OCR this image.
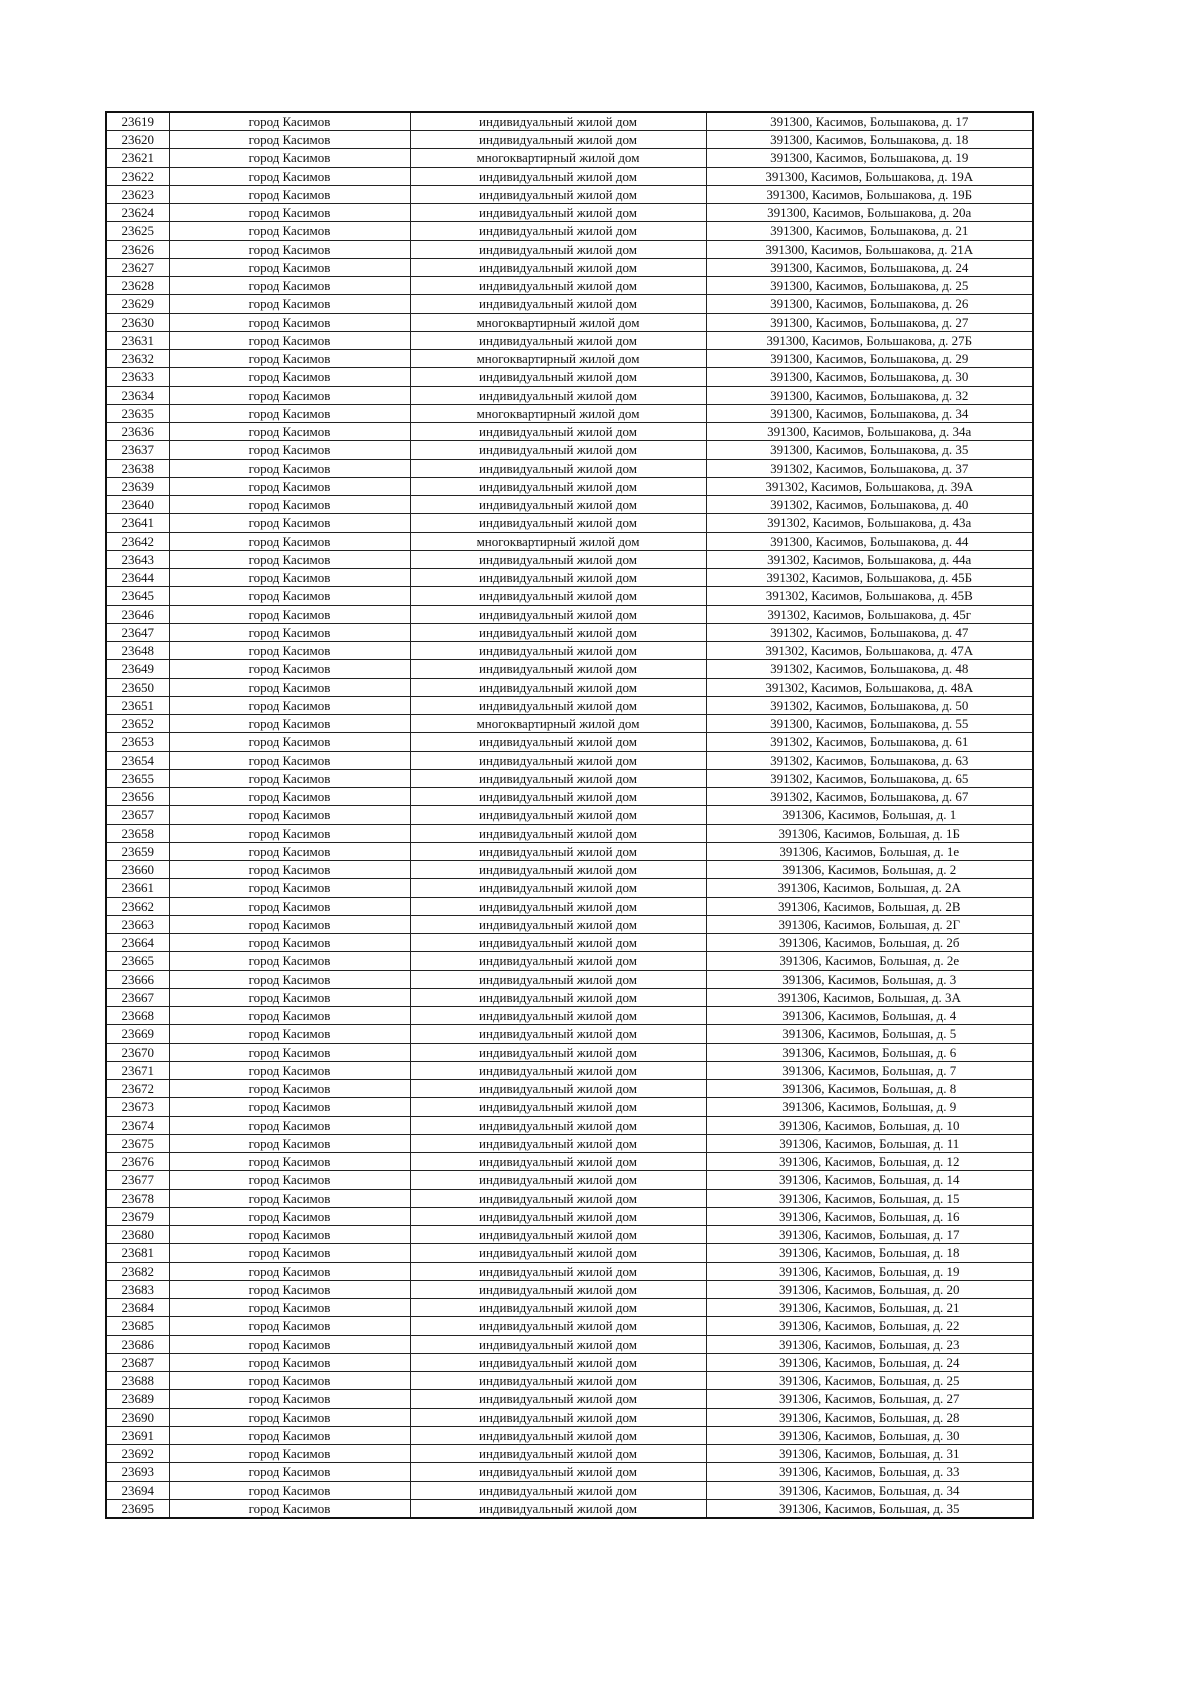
23619	город Касимов	индивидуальный жилой дом	391300, Касимов, Большакова, д. 17
23620	город Касимов	индивидуальный жилой дом	391300, Касимов, Большакова, д. 18
23621	город Касимов	многоквартирный жилой дом	391300, Касимов, Большакова, д. 19
23622	город Касимов	индивидуальный жилой дом	391300, Касимов, Большакова, д. 19А
23623	город Касимов	индивидуальный жилой дом	391300, Касимов, Большакова, д. 19Б
23624	город Касимов	индивидуальный жилой дом	391300, Касимов, Большакова, д. 20а
23625	город Касимов	индивидуальный жилой дом	391300, Касимов, Большакова, д. 21
23626	город Касимов	индивидуальный жилой дом	391300, Касимов, Большакова, д. 21А
23627	город Касимов	индивидуальный жилой дом	391300, Касимов, Большакова, д. 24
23628	город Касимов	индивидуальный жилой дом	391300, Касимов, Большакова, д. 25
23629	город Касимов	индивидуальный жилой дом	391300, Касимов, Большакова, д. 26
23630	город Касимов	многоквартирный жилой дом	391300, Касимов, Большакова, д. 27
23631	город Касимов	индивидуальный жилой дом	391300, Касимов, Большакова, д. 27Б
23632	город Касимов	многоквартирный жилой дом	391300, Касимов, Большакова, д. 29
23633	город Касимов	индивидуальный жилой дом	391300, Касимов, Большакова, д. 30
23634	город Касимов	индивидуальный жилой дом	391300, Касимов, Большакова, д. 32
23635	город Касимов	многоквартирный жилой дом	391300, Касимов, Большакова, д. 34
23636	город Касимов	индивидуальный жилой дом	391300, Касимов, Большакова, д. 34а
23637	город Касимов	индивидуальный жилой дом	391300, Касимов, Большакова, д. 35
23638	город Касимов	индивидуальный жилой дом	391302, Касимов, Большакова, д. 37
23639	город Касимов	индивидуальный жилой дом	391302, Касимов, Большакова, д. 39А
23640	город Касимов	индивидуальный жилой дом	391302, Касимов, Большакова, д. 40
23641	город Касимов	индивидуальный жилой дом	391302, Касимов, Большакова, д. 43а
23642	город Касимов	многоквартирный жилой дом	391300, Касимов, Большакова, д. 44
23643	город Касимов	индивидуальный жилой дом	391302, Касимов, Большакова, д. 44а
23644	город Касимов	индивидуальный жилой дом	391302, Касимов, Большакова, д. 45Б
23645	город Касимов	индивидуальный жилой дом	391302, Касимов, Большакова, д. 45В
23646	город Касимов	индивидуальный жилой дом	391302, Касимов, Большакова, д. 45г
23647	город Касимов	индивидуальный жилой дом	391302, Касимов, Большакова, д. 47
23648	город Касимов	индивидуальный жилой дом	391302, Касимов, Большакова, д. 47А
23649	город Касимов	индивидуальный жилой дом	391302, Касимов, Большакова, д. 48
23650	город Касимов	индивидуальный жилой дом	391302, Касимов, Большакова, д. 48А
23651	город Касимов	индивидуальный жилой дом	391302, Касимов, Большакова, д. 50
23652	город Касимов	многоквартирный жилой дом	391300, Касимов, Большакова, д. 55
23653	город Касимов	индивидуальный жилой дом	391302, Касимов, Большакова, д. 61
23654	город Касимов	индивидуальный жилой дом	391302, Касимов, Большакова, д. 63
23655	город Касимов	индивидуальный жилой дом	391302, Касимов, Большакова, д. 65
23656	город Касимов	индивидуальный жилой дом	391302, Касимов, Большакова, д. 67
23657	город Касимов	индивидуальный жилой дом	391306, Касимов, Большая, д. 1
23658	город Касимов	индивидуальный жилой дом	391306, Касимов, Большая, д. 1Б
23659	город Касимов	индивидуальный жилой дом	391306, Касимов, Большая, д. 1е
23660	город Касимов	индивидуальный жилой дом	391306, Касимов, Большая, д. 2
23661	город Касимов	индивидуальный жилой дом	391306, Касимов, Большая, д. 2А
23662	город Касимов	индивидуальный жилой дом	391306, Касимов, Большая, д. 2В
23663	город Касимов	индивидуальный жилой дом	391306, Касимов, Большая, д. 2Г
23664	город Касимов	индивидуальный жилой дом	391306, Касимов, Большая, д. 2б
23665	город Касимов	индивидуальный жилой дом	391306, Касимов, Большая, д. 2е
23666	город Касимов	индивидуальный жилой дом	391306, Касимов, Большая, д. 3
23667	город Касимов	индивидуальный жилой дом	391306, Касимов, Большая, д. 3А
23668	город Касимов	индивидуальный жилой дом	391306, Касимов, Большая, д. 4
23669	город Касимов	индивидуальный жилой дом	391306, Касимов, Большая, д. 5
23670	город Касимов	индивидуальный жилой дом	391306, Касимов, Большая, д. 6
23671	город Касимов	индивидуальный жилой дом	391306, Касимов, Большая, д. 7
23672	город Касимов	индивидуальный жилой дом	391306, Касимов, Большая, д. 8
23673	город Касимов	индивидуальный жилой дом	391306, Касимов, Большая, д. 9
23674	город Касимов	индивидуальный жилой дом	391306, Касимов, Большая, д. 10
23675	город Касимов	индивидуальный жилой дом	391306, Касимов, Большая, д. 11
23676	город Касимов	индивидуальный жилой дом	391306, Касимов, Большая, д. 12
23677	город Касимов	индивидуальный жилой дом	391306, Касимов, Большая, д. 14
23678	город Касимов	индивидуальный жилой дом	391306, Касимов, Большая, д. 15
23679	город Касимов	индивидуальный жилой дом	391306, Касимов, Большая, д. 16
23680	город Касимов	индивидуальный жилой дом	391306, Касимов, Большая, д. 17
23681	город Касимов	индивидуальный жилой дом	391306, Касимов, Большая, д. 18
23682	город Касимов	индивидуальный жилой дом	391306, Касимов, Большая, д. 19
23683	город Касимов	индивидуальный жилой дом	391306, Касимов, Большая, д. 20
23684	город Касимов	индивидуальный жилой дом	391306, Касимов, Большая, д. 21
23685	город Касимов	индивидуальный жилой дом	391306, Касимов, Большая, д. 22
23686	город Касимов	индивидуальный жилой дом	391306, Касимов, Большая, д. 23
23687	город Касимов	индивидуальный жилой дом	391306, Касимов, Большая, д. 24
23688	город Касимов	индивидуальный жилой дом	391306, Касимов, Большая, д. 25
23689	город Касимов	индивидуальный жилой дом	391306, Касимов, Большая, д. 27
23690	город Касимов	индивидуальный жилой дом	391306, Касимов, Большая, д. 28
23691	город Касимов	индивидуальный жилой дом	391306, Касимов, Большая, д. 30
23692	город Касимов	индивидуальный жилой дом	391306, Касимов, Большая, д. 31
23693	город Касимов	индивидуальный жилой дом	391306, Касимов, Большая, д. 33
23694	город Касимов	индивидуальный жилой дом	391306, Касимов, Большая, д. 34
23695	город Касимов	индивидуальный жилой дом	391306, Касимов, Большая, д. 35
